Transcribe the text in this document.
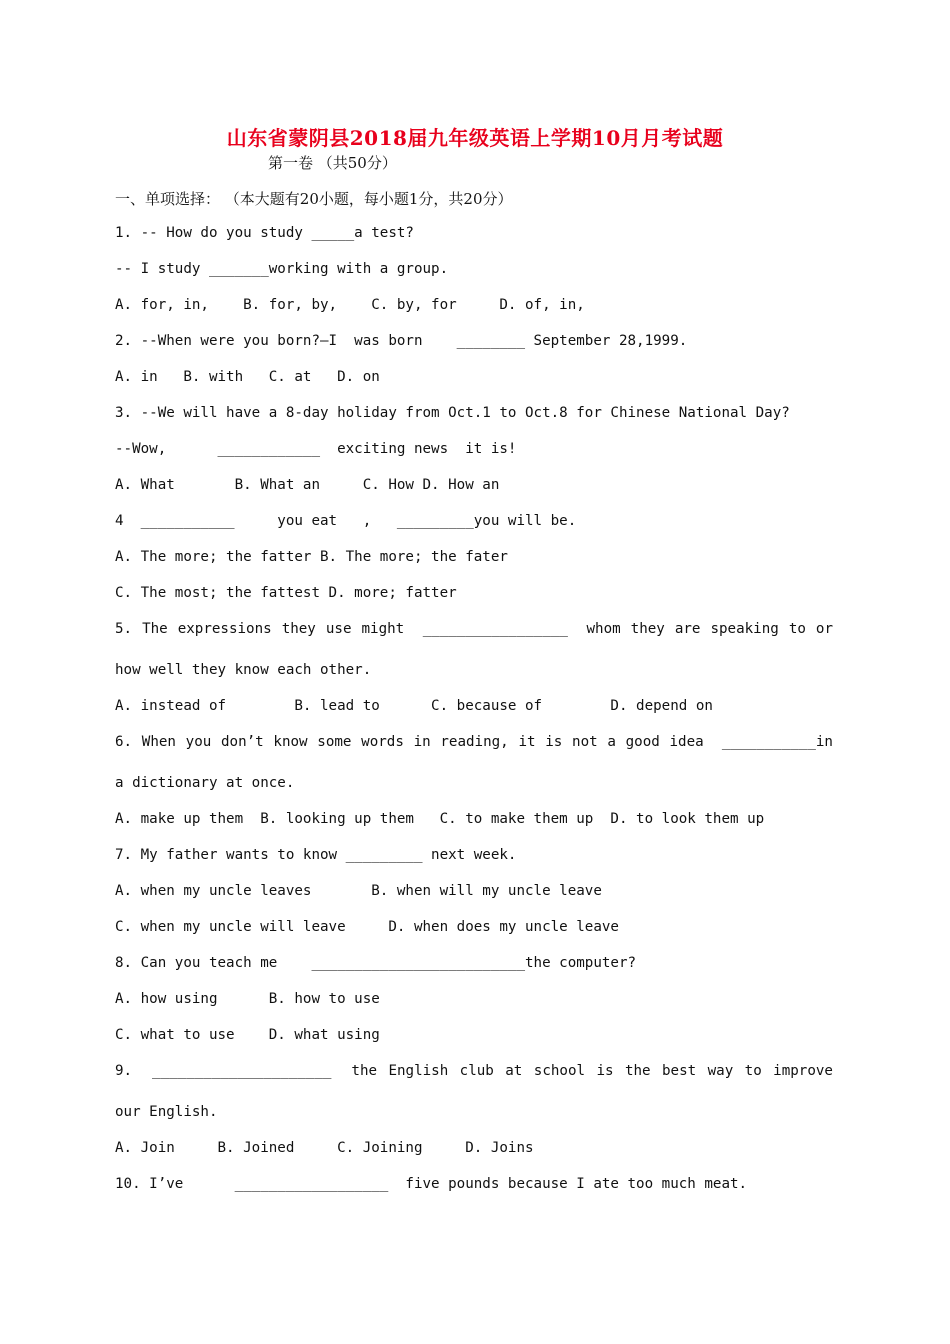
山东省蒙阴县2018届九年级英语上学期10月月考试题
第一卷 （共50分）
一、单项选择： （本大题有20小题，每小题1分，共20分）
1. -- How do you study _____a test?
-- I study _______working with a group.
A. for, in,    B. for, by,    C. by, for     D. of, in,
2. --When were you born?—I  was born    ________ September 28,1999.
A. in   B. with   C. at   D. on
3. --We will have a 8-day holiday from Oct.1 to Oct.8 for Chinese National Day?
--Wow,      ____________  exciting news  it is!
A. What       B. What an     C. How D. How an
4  ___________     you eat   ,   _________you will be.
A. The more; the fatter B. The more; the fater
C. The most; the fattest D. more; fatter
5. The expressions they use might _________________ whom they are speaking to or
how well they know each other.
A. instead of        B. lead to      C. because of        D. depend on
6. When you don’t know some words in reading, it is not a good idea ___________in
a dictionary at once.
A. make up them  B. looking up them   C. to make them up  D. to look them up
7. My father wants to know _________ next week.
A. when my uncle leaves       B. when will my uncle leave
C. when my uncle will leave     D. when does my uncle leave
8. Can you teach me    _________________________the computer?
A. how using      B. how to use
C. what to use    D. what using
9. _____________________ the English club at school is the best way to improve
our English.
A. Join     B. Joined     C. Joining     D. Joins
10. I’ve      __________________  five pounds because I ate too much meat.
